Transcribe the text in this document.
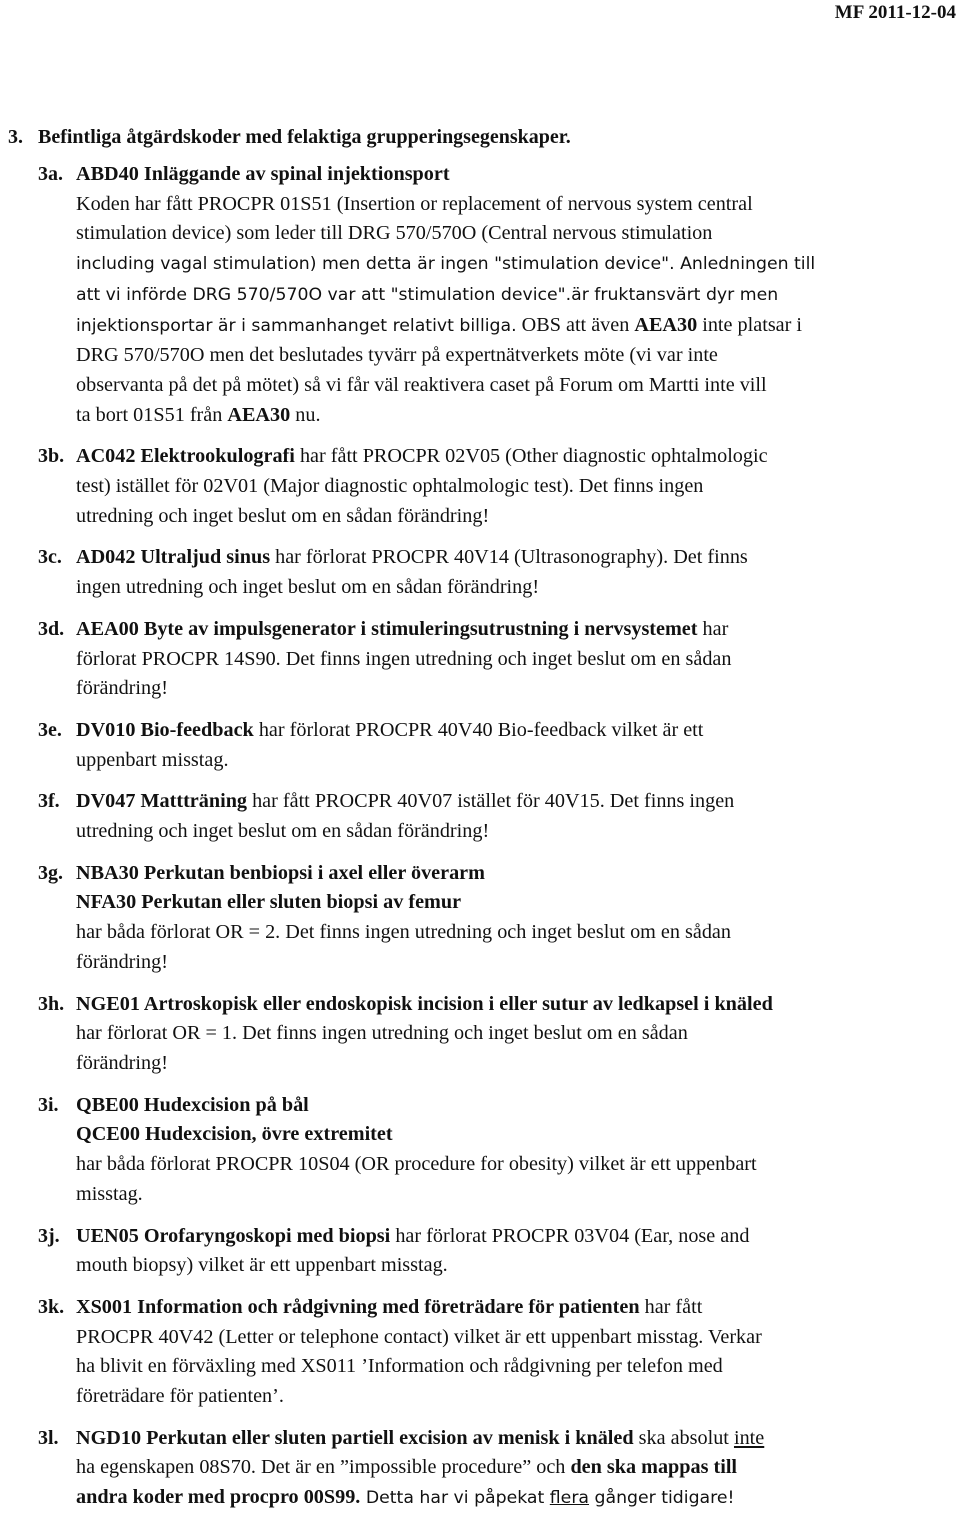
MF 2011-12-04
3. Befintliga åtgärdskoder med felaktiga grupperingsegenskaper.
3a. ABD40 Inläggande av spinal injektionsport
Koden har fått PROCPR 01S51 (Insertion or replacement of nervous system central
stimulation device) som leder till DRG 570/570O (Central nervous stimulation
including vagal stimulation) men detta är ingen "stimulation device". Anledningen till
att vi införde DRG 570/570O var att "stimulation device".är fruktansvärt dyr men
injektionsportar är i sammanhanget relativt billiga. OBS att även AEA30 inte platsar i
DRG 570/570O men det beslutades tyvärr på expertnätverkets möte (vi var inte
observanta på det på mötet) så vi får väl reaktivera caset på Forum om Martti inte vill
ta bort 01S51 från AEA30 nu.

3b. AC042 Elektrookulografi har fått PROCPR 02V05 (Other diagnostic ophtalmologic
test) istället för 02V01 (Major diagnostic ophtalmologic test). Det finns ingen
utredning och inget beslut om en sådan förändring!

3c. AD042 Ultraljud sinus har förlorat PROCPR 40V14 (Ultrasonography). Det finns
ingen utredning och inget beslut om en sådan förändring!

3d. AEA00 Byte av impulsgenerator i stimuleringsutrustning i nervsystemet har
förlorat PROCPR 14S90. Det finns ingen utredning och inget beslut om en sådan
förändring!

3e. DV010 Bio-feedback har förlorat PROCPR 40V40 Bio-feedback vilket är ett
uppenbart misstag.

3f. DV047 Mattträning har fått PROCPR 40V07 istället för 40V15. Det finns ingen
utredning och inget beslut om en sådan förändring!

3g. NBA30 Perkutan benbiopsi i axel eller överarm
NFA30 Perkutan eller sluten biopsi av femur
har båda förlorat OR = 2. Det finns ingen utredning och inget beslut om en sådan
förändring!

3h. NGE01 Artroskopisk eller endoskopisk incision i eller sutur av ledkapsel i knäled
har förlorat OR = 1. Det finns ingen utredning och inget beslut om en sådan
förändring!

3i. QBE00 Hudexcision på bål
QCE00 Hudexcision, övre extremitet
har båda förlorat PROCPR 10S04 (OR procedure for obesity) vilket är ett uppenbart
misstag.

3j. UEN05 Orofaryngoskopi med biopsi har förlorat PROCPR 03V04 (Ear, nose and
mouth biopsy) vilket är ett uppenbart misstag.

3k. XS001 Information och rådgivning med företrädare för patienten har fått
PROCPR 40V42 (Letter or telephone contact) vilket är ett uppenbart misstag. Verkar
ha blivit en förväxling med XS011 ’Information och rådgivning per telefon med
företrädare för patienten’.

3l. NGD10 Perkutan eller sluten partiell excision av menisk i knäled ska absolut inte
ha egenskapen 08S70. Det är en ”impossible procedure” och den ska mappas till
andra koder med procpro 00S99. Detta har vi påpekat flera gånger tidigare!
